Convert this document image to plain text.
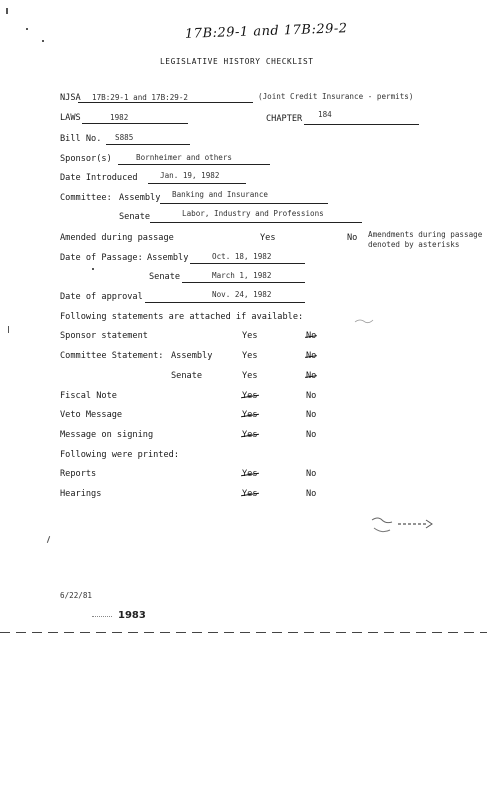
17B:29-1 and 17B:29-2
LEGISLATIVE HISTORY CHECKLIST
NJSA 17B:29-1 and 17B:29-2	(Joint Credit Insurance - permits)
LAWS	1982	CHAPTER 184
Bill No. S885
Sponsor(s)	Bornheimer and others
Date Introduced	Jan. 19, 1982
Committee: Assembly Banking and Insurance
Senate	Labor, Industry and Professions
Amended during passage	Yes	No Amendments during passage
denoted by asterisks
Date of Passage: Assembly	Oct. 18, 1982
Senate	March 1, 1982
Date of approval	Nov. 24, 1982
Following statements are attached if available:
Sponsor statement	Yes	No
Committee Statement: Assembly	Yes	No
Senate	Yes	No
Fiscal Note	Yes	No
Veto Message	Yes	No
Message on signing	Yes	No
Following were printed:
Reports	Yes	No
Hearings	Yes	No
6/22/81
1983
